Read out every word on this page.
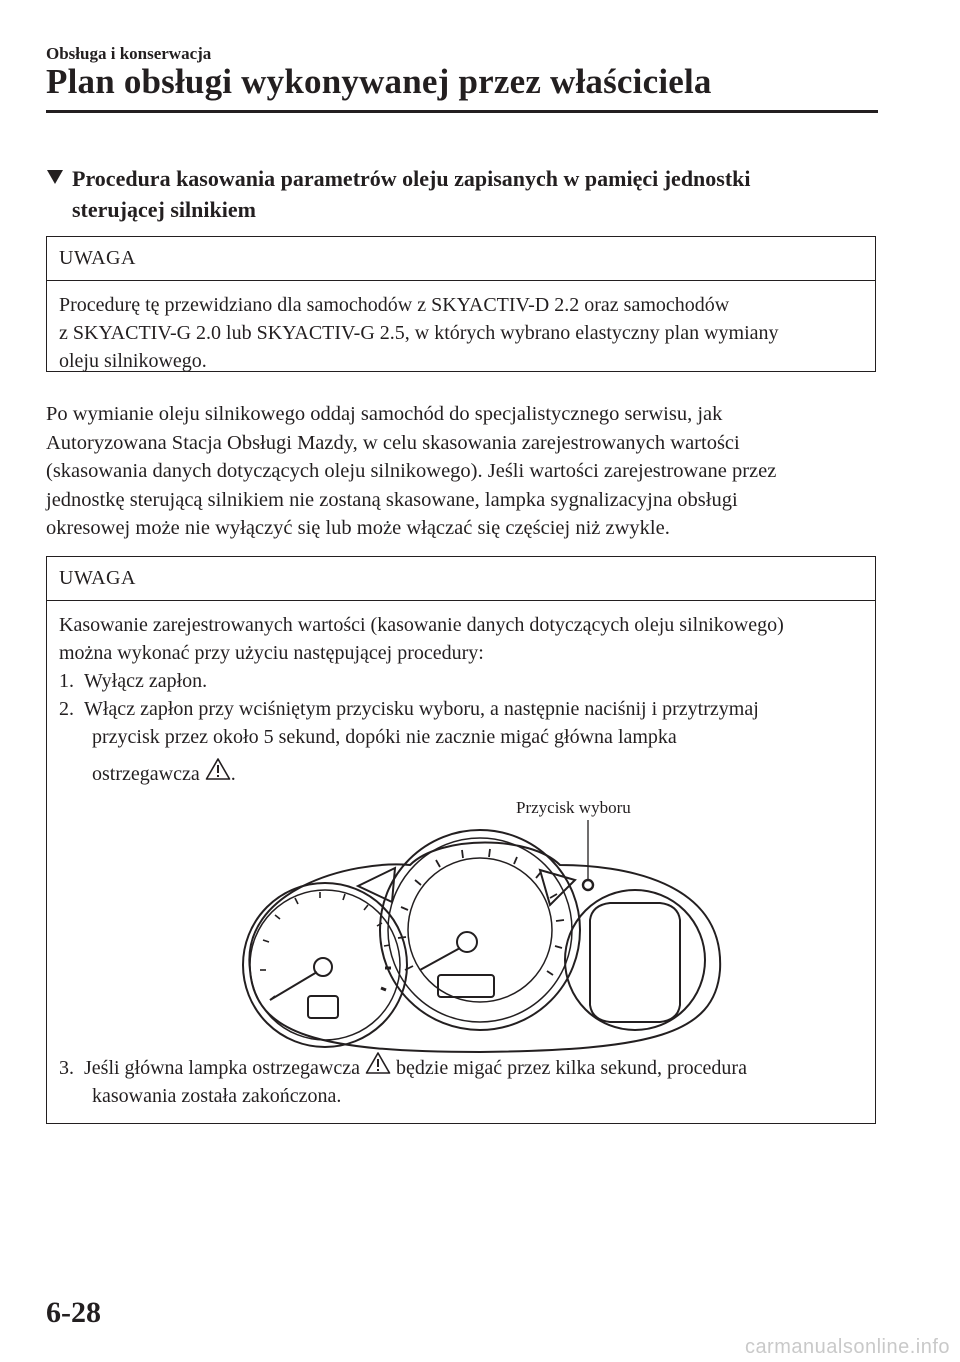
Obsługa i konserwacja
Plan obsługi wykonywanej przez właściciela
Procedura kasowania parametrów oleju zapisanych w pamięci jednostki
sterującej silnikiem
UWAGA

Procedurę tę przewidziano dla samochodów z SKYACTIV-D 2.2 oraz samochodów

z SKYACTIV-G 2.0 lub SKYACTIV-G 2.5, w których wybrano elastyczny plan wymiany

oleju silnikowego.

Po wymianie oleju silnikowego oddaj samochód do specjalistycznego serwisu, jak

Autoryzowana Stacja Obsługi Mazdy, w celu skasowania zarejestrowanych wartości

(skasowania danych dotyczących oleju silnikowego). Jeśli wartości zarejestrowane przez

jednostkę sterującą silnikiem nie zostaną skasowane, lampka sygnalizacyjna obsługi

okresowej może nie wyłączyć się lub może włączać się częściej niż zwykle.

UWAGA

Kasowanie zarejestrowanych wartości (kasowanie danych dotyczących oleju silnikowego)

można wykonać przy użyciu następującej procedury:

1. Wyłącz zapłon.

2. Włącz zapłon przy wciśniętym przycisku wyboru, a następnie naciśnij i przytrzymaj

przycisk przez około 5 sekund, dopóki nie zacznie migać główna lampka

ostrzegawcza .

3. Jeśli główna lampka ostrzegawcza będzie migać przez kilka sekund, procedura

kasowania została zakończona.

Przycisk wyboru
6-28
carmanualsonline.info
